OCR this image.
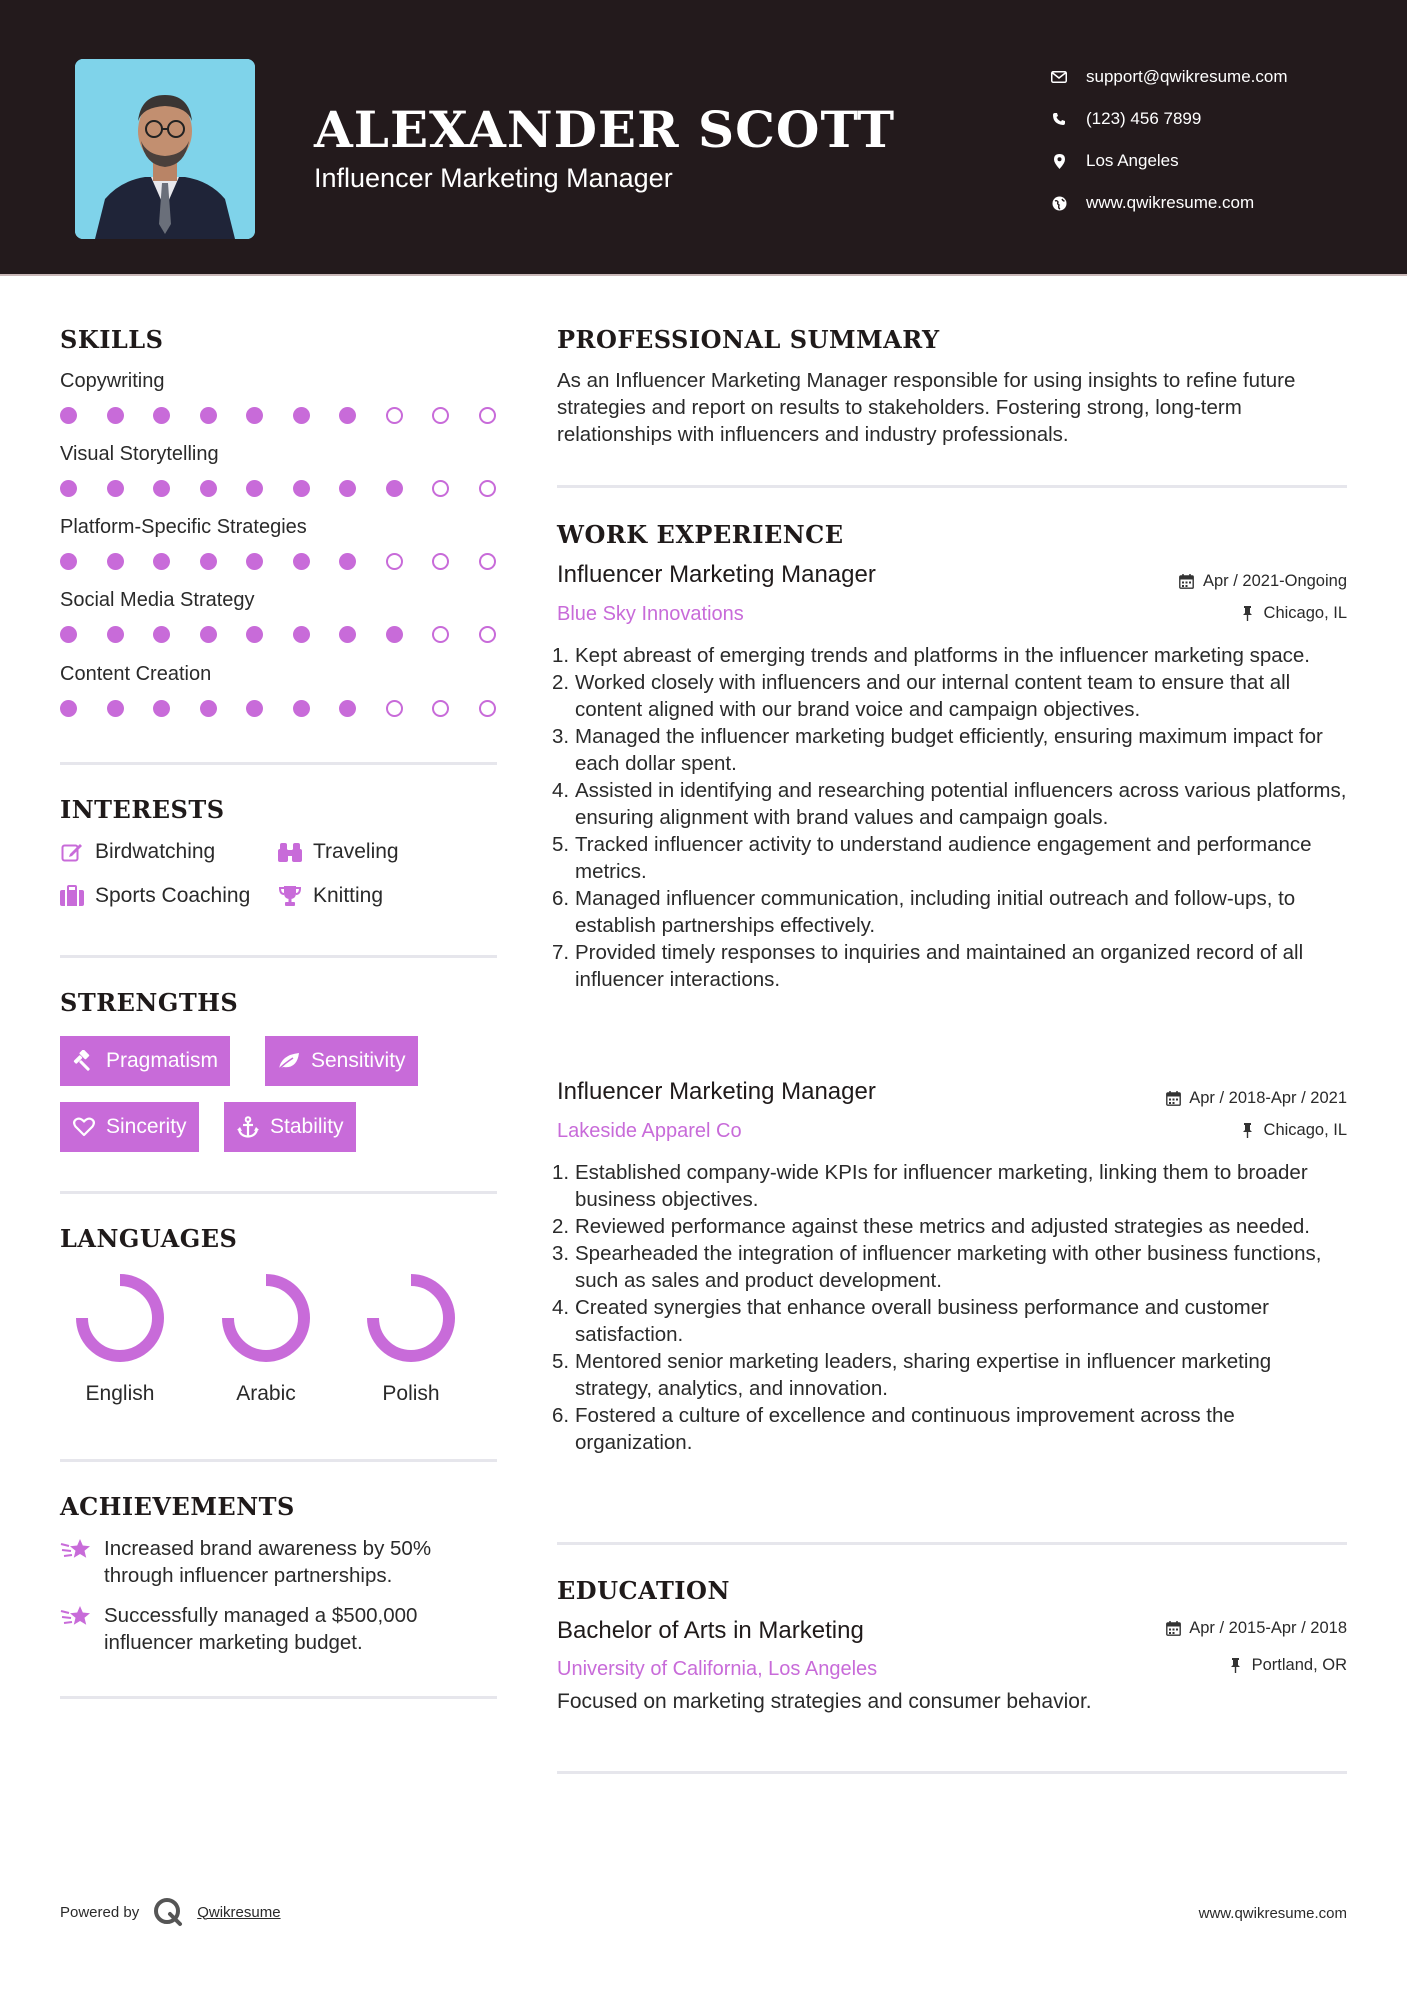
ALEXANDER SCOTT
Influencer Marketing Manager
support@qwikresume.com
(123) 456 7899
Los Angeles
www.qwikresume.com
SKILLS
Copywriting
Visual Storytelling
Platform-Specific Strategies
Social Media Strategy
Content Creation
INTERESTS
Birdwatching	Traveling
Sports Coaching	Knitting
STRENGTHS
Pragmatism	Sensitivity
Sincerity	Stability
LANGUAGES
English	Arabic	Polish
ACHIEVEMENTS
Increased brand awareness by 50% through influencer partnerships.
Successfully managed a $500,000 influencer marketing budget.
PROFESSIONAL SUMMARY
As an Influencer Marketing Manager responsible for using insights to refine future strategies and report on results to stakeholders. Fostering strong, long-term relationships with influencers and industry professionals.
WORK EXPERIENCE
Influencer Marketing Manager
Blue Sky Innovations
Apr / 2021-Ongoing
Chicago, IL
Kept abreast of emerging trends and platforms in the influencer marketing space.
Worked closely with influencers and our internal content team to ensure that all content aligned with our brand voice and campaign objectives.
Managed the influencer marketing budget efficiently, ensuring maximum impact for each dollar spent.
Assisted in identifying and researching potential influencers across various platforms, ensuring alignment with brand values and campaign goals.
Tracked influencer activity to understand audience engagement and performance metrics.
Managed influencer communication, including initial outreach and follow-ups, to establish partnerships effectively.
Provided timely responses to inquiries and maintained an organized record of all influencer interactions.
Influencer Marketing Manager
Lakeside Apparel Co
Apr / 2018-Apr / 2021
Chicago, IL
Established company-wide KPIs for influencer marketing, linking them to broader business objectives.
Reviewed performance against these metrics and adjusted strategies as needed.
Spearheaded the integration of influencer marketing with other business functions, such as sales and product development.
Created synergies that enhance overall business performance and customer satisfaction.
Mentored senior marketing leaders, sharing expertise in influencer marketing strategy, analytics, and innovation.
Fostered a culture of excellence and continuous improvement across the organization.
EDUCATION
Bachelor of Arts in Marketing
University of California, Los Angeles
Apr / 2015-Apr / 2018
Portland, OR
Focused on marketing strategies and consumer behavior.
Powered by	Qwikresume	www.qwikresume.com
